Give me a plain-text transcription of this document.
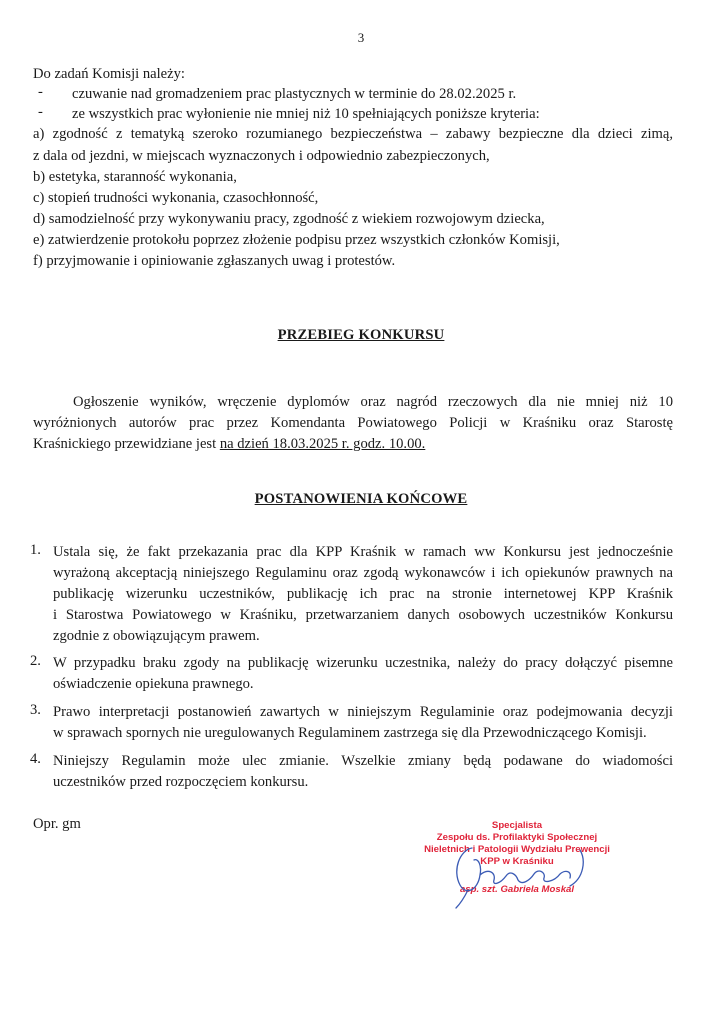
3
Do zadań Komisji należy:
- czuwanie nad gromadzeniem prac plastycznych w terminie do 28.02.2025 r.
- ze wszystkich prac wyłonienie nie mniej niż 10 spełniających poniższe kryteria:
a) zgodność z tematyką szeroko rozumianego bezpieczeństwa – zabawy bezpieczne dla dzieci zimą,
z dala od jezdni, w miejscach wyznaczonych i odpowiednio zabezpieczonych,
b) estetyka, staranność wykonania,
c) stopień trudności wykonania, czasochłonność,
d) samodzielność przy wykonywaniu pracy, zgodność z wiekiem rozwojowym dziecka,
e) zatwierdzenie protokołu poprzez złożenie podpisu przez wszystkich członków Komisji,
f) przyjmowanie i opiniowanie zgłaszanych uwag i protestów.
PRZEBIEG KONKURSU
Ogłoszenie wyników, wręczenie dyplomów oraz nagród rzeczowych dla nie mniej niż 10
wyróżnionych autorów prac przez Komendanta Powiatowego Policji w Kraśniku oraz Starostę
Kraśnickiego przewidziane jest na dzień 18.03.2025 r. godz. 10.00.
POSTANOWIENIA KOŃCOWE
1. Ustala się, że fakt przekazania prac dla KPP Kraśnik w ramach ww Konkursu jest jednocześnie
wyrażoną akceptacją niniejszego Regulaminu oraz zgodą wykonawców i ich opiekunów prawnych na
publikację wizerunku uczestników, publikację ich prac na stronie internetowej KPP Kraśnik
i Starostwa Powiatowego w Kraśniku, przetwarzaniem danych osobowych uczestników Konkursu
zgodnie z obowiązującym prawem.
2. W przypadku braku zgody na publikację wizerunku uczestnika, należy do pracy dołączyć pisemne
oświadczenie opiekuna prawnego.
3. Prawo interpretacji postanowień zawartych w niniejszym Regulaminie oraz podejmowania decyzji
w sprawach spornych nie uregulowanych Regulaminem zastrzega się dla Przewodniczącego Komisji.
4. Niniejszy Regulamin może ulec zmianie. Wszelkie zmiany będą podawane do wiadomości
uczestników przed rozpoczęciem konkursu.
Opr. gm	Specjalista
Zespołu ds. Profilaktyki Społecznej
Nieletnich i Patologii Wydziału Prewencji
KPP w Kraśniku
asp. szt. Gabriela Moskal
